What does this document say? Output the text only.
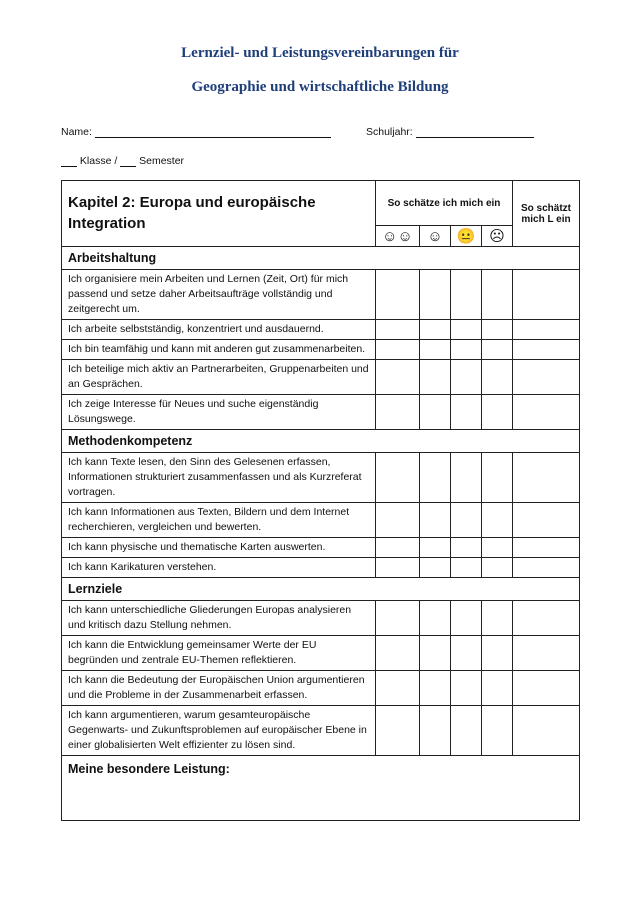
Lernziel- und Leistungsvereinbarungen für
Geographie und wirtschaftliche Bildung
Name:	Schuljahr:
Klasse / Semester
Kapitel 2: Europa und europäische Integration	So schätze ich mich ein				So schätzt mich L ein
	☺☺	☺	😐	☹	
Arbeitshaltung					
Ich organisiere mein Arbeiten und Lernen (Zeit, Ort) für mich passend und setze daher Arbeitsaufträge vollständig und zeitgerecht um.					
Ich arbeite selbstständig, konzentriert und ausdauernd.					
Ich bin teamfähig und kann mit anderen gut zusammenarbeiten.					
Ich beteilige mich aktiv an Partnerarbeiten, Gruppenarbeiten und an Gesprächen.					
Ich zeige Interesse für Neues und suche eigenständig Lösungswege.					
Methodenkompetenz					
Ich kann Texte lesen, den Sinn des Gelesenen erfassen, Informationen strukturiert zusammenfassen und als Kurzreferat vortragen.					
Ich kann Informationen aus Texten, Bildern und dem Internet recherchieren, vergleichen und bewerten.					
Ich kann physische und thematische Karten auswerten.					
Ich kann Karikaturen verstehen.					
Lernziele					
Ich kann unterschiedliche Gliederungen Europas analysieren und kritisch dazu Stellung nehmen.					
Ich kann die Entwicklung gemeinsamer Werte der EU begründen und zentrale EU-Themen reflektieren.					
Ich kann die Bedeutung der Europäischen Union argumentieren und die Probleme in der Zusammenarbeit erfassen.					
Ich kann argumentieren, warum gesamteuropäische Gegenwarts- und Zukunftsproblemen auf europäischer Ebene in einer globalisierten Welt effizienter zu lösen sind.					
Meine besondere Leistung:					
